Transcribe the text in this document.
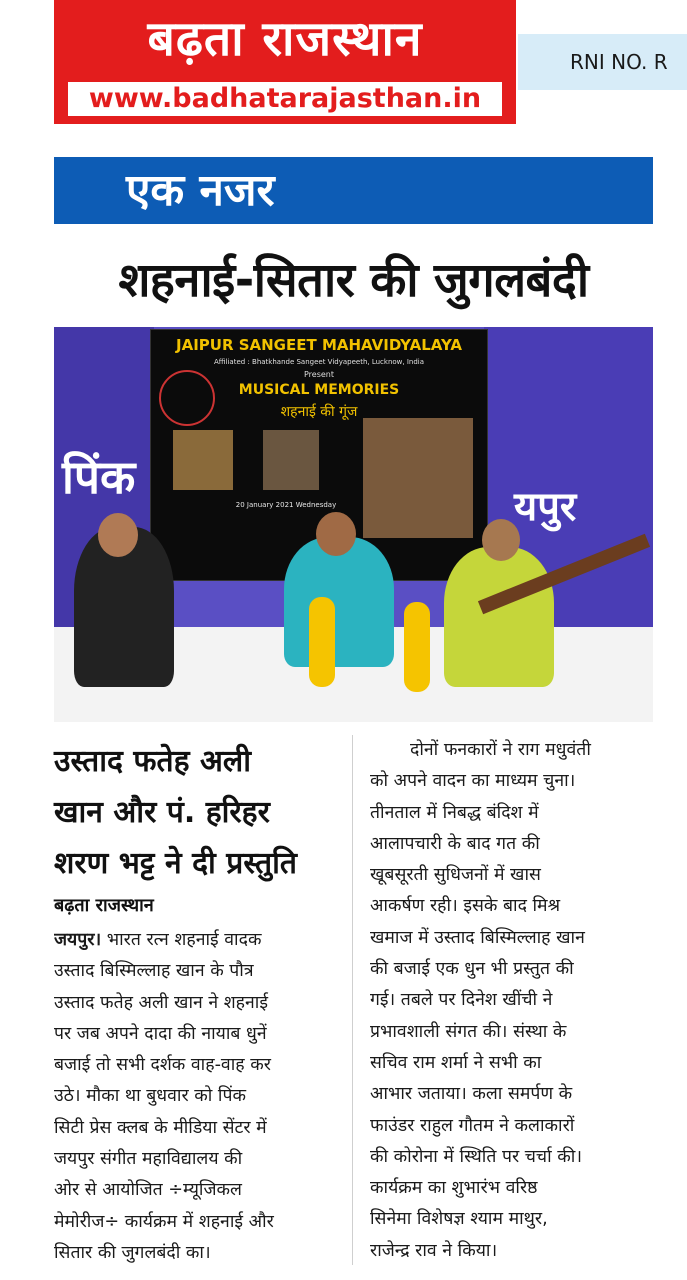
बढ़ता राजस्थान
www.badhatarajasthan.in
RNI NO. R
एक नजर
शहनाई-सितार की जुगलबंदी
पिंक
यपुर
JAIPUR SANGEET MAHAVIDYALAYA
Affiliated : Bhatkhande Sangeet Vidyapeeth, Lucknow, India
Present
MUSICAL MEMORIES
शहनाई की गूंज
20 January 2021 Wednesday
उस्ताद फतेह अली
खान और पं. हरिहर
शरण भट्ट ने दी प्रस्तुति
बढ़ता राजस्थान
जयपुर। भारत रत्न शहनाई वादक
उस्ताद बिस्मिल्लाह खान के पौत्र
उस्ताद फतेह अली खान ने शहनाई
पर जब अपने दादा की नायाब धुनें
बजाई तो सभी दर्शक वाह-वाह कर
उठे। मौका था बुधवार को पिंक
सिटी प्रेस क्लब के मीडिया सेंटर में
जयपुर संगीत महाविद्यालय की
ओर से आयोजित ÷म्यूजिकल
मेमोरीज÷ कार्यक्रम में शहनाई और
सितार की जुगलबंदी का।
दोनों फनकारों ने राग मधुवंती
को अपने वादन का माध्यम चुना।
तीनताल में निबद्ध बंदिश में
आलापचारी के बाद गत की
खूबसूरती सुधिजनों में खास
आकर्षण रही। इसके बाद मिश्र
खमाज में उस्ताद बिस्मिल्लाह खान
की बजाई एक धुन भी प्रस्तुत की
गई। तबले पर दिनेश खींची ने
प्रभावशाली संगत की। संस्था के
सचिव राम शर्मा ने सभी का
आभार जताया। कला समर्पण के
फाउंडर राहुल गौतम ने कलाकारों
की कोरोना में स्थिति पर चर्चा की।
कार्यक्रम का शुभारंभ वरिष्ठ
सिनेमा विशेषज्ञ श्याम माथुर,
राजेन्द्र राव ने किया।
